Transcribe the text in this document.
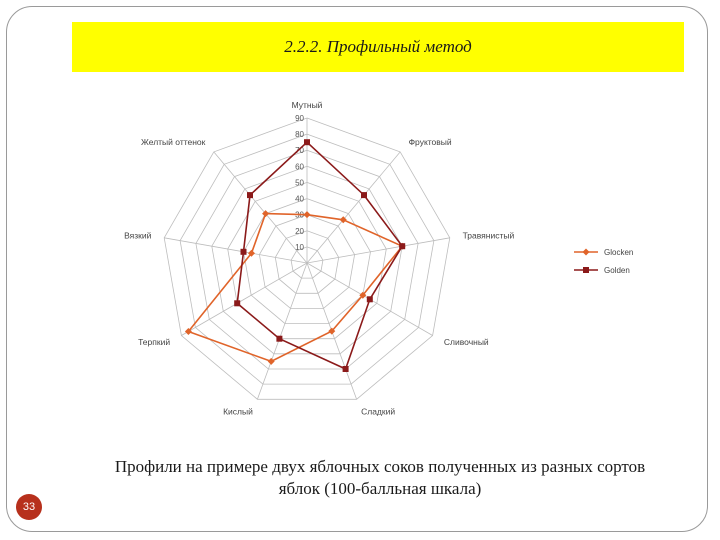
2.2.2. Профильный метод
10
20
30
40
50
60
70
80
90
Мутный
Фруктовый
Травянистый
Сливочный
Сладкий
Кислый
Терпкий
Вязкий
Желтый оттенок
Glocken
Golden
Профили на примере двух яблочных соков полученных из разных сортов яблок (100-балльная шкала)
33
